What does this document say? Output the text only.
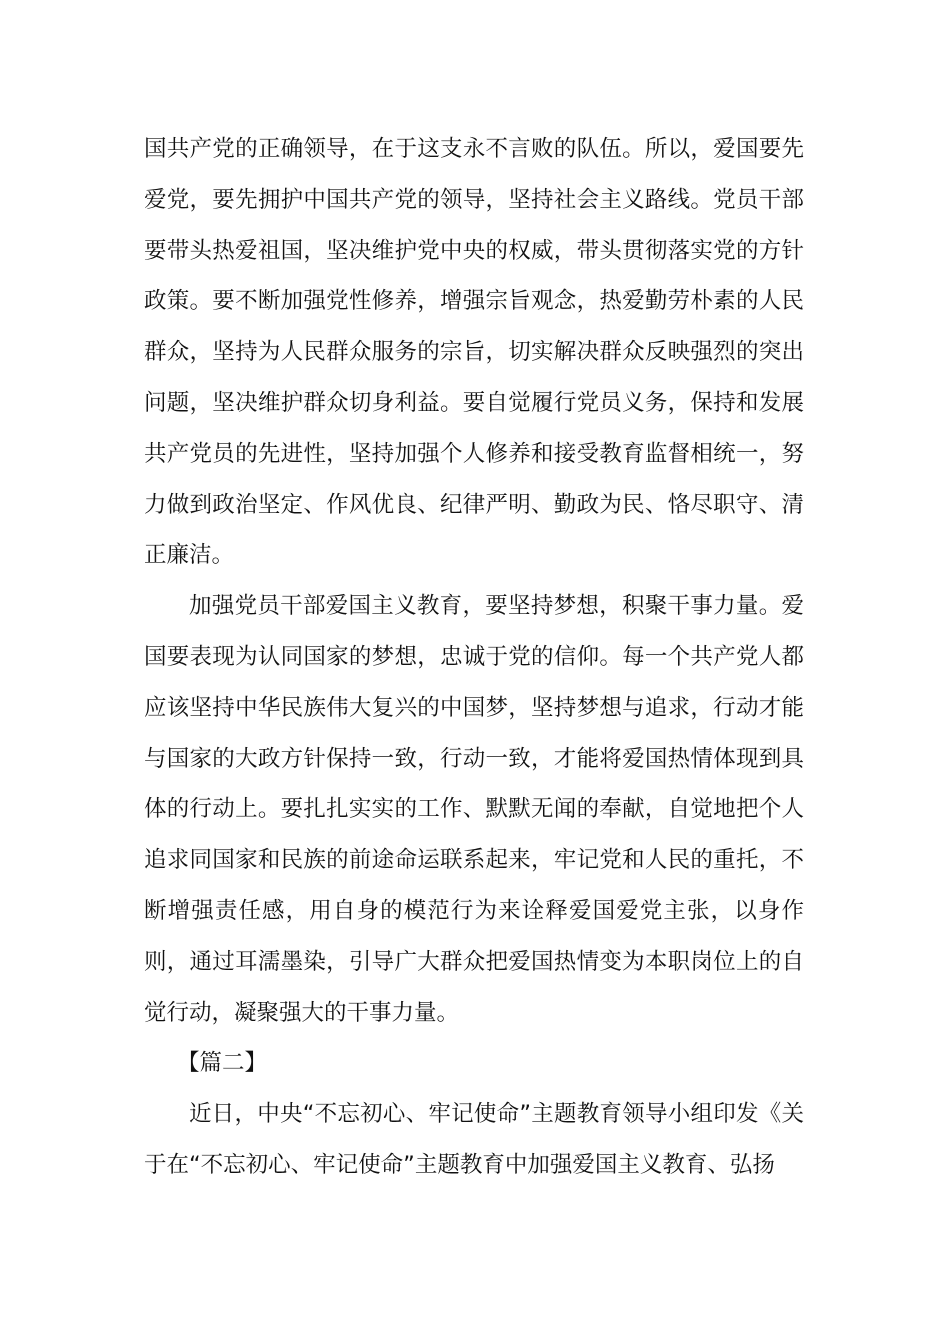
国共产党的正确领导，在于这支永不言败的队伍。所以，爱国要先爱党，要先拥护中国共产党的领导，坚持社会主义路线。党员干部要带头热爱祖国，坚决维护党中央的权威，带头贯彻落实党的方针政策。要不断加强党性修养，增强宗旨观念，热爱勤劳朴素的人民群众，坚持为人民群众服务的宗旨，切实解决群众反映强烈的突出问题，坚决维护群众切身利益。要自觉履行党员义务，保持和发展共产党员的先进性，坚持加强个人修养和接受教育监督相统一，努力做到政治坚定、作风优良、纪律严明、勤政为民、恪尽职守、清正廉洁。

加强党员干部爱国主义教育，要坚持梦想，积聚干事力量。爱国要表现为认同国家的梦想，忠诚于党的信仰。每一个共产党人都应该坚持中华民族伟大复兴的中国梦，坚持梦想与追求，行动才能与国家的大政方针保持一致，行动一致，才能将爱国热情体现到具体的行动上。要扎扎实实的工作、默默无闻的奉献，自觉地把个人追求同国家和民族的前途命运联系起来，牢记党和人民的重托，不断增强责任感，用自身的模范行为来诠释爱国爱党主张，以身作则，通过耳濡墨染，引导广大群众把爱国热情变为本职岗位上的自觉行动，凝聚强大的干事力量。

【篇二】

近日，中央“不忘初心、牢记使命”主题教育领导小组印发《关于在“不忘初心、牢记使命”主题教育中加强爱国主义教育、弘扬
